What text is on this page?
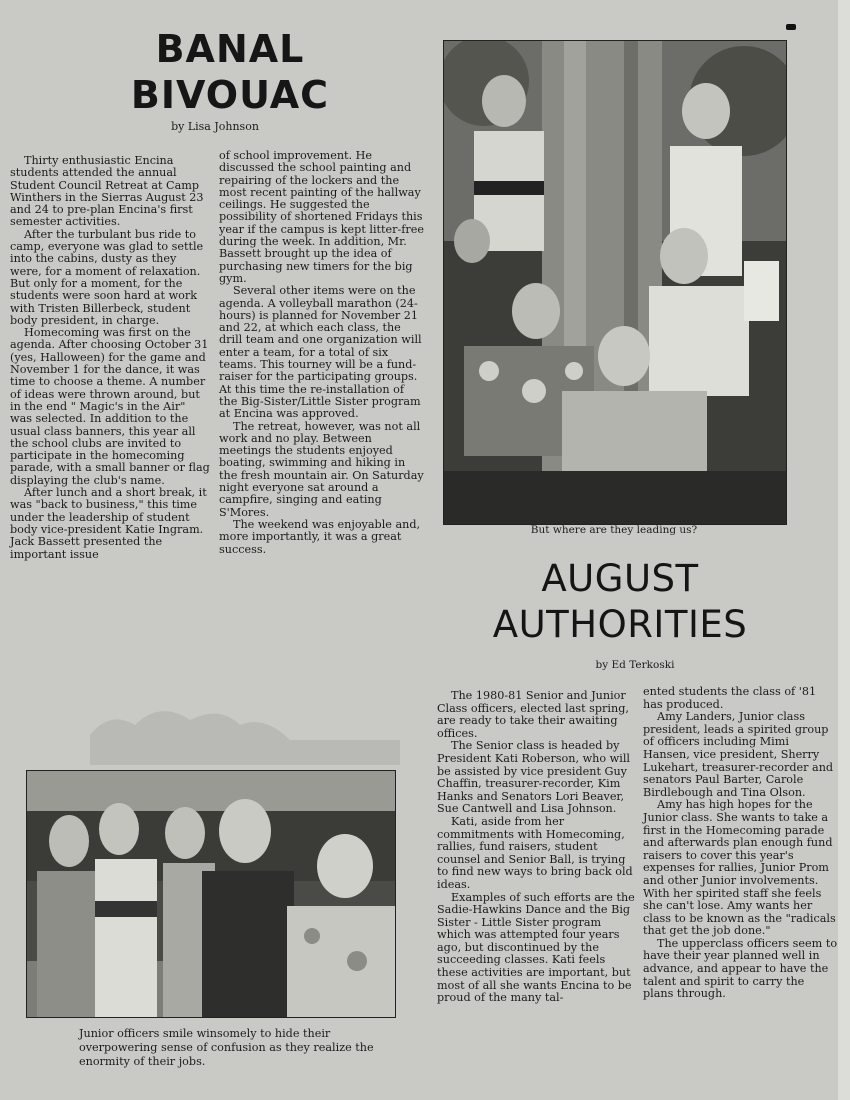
BANAL
BIVOUAC
by Lisa Johnson

Thirty enthusiastic Encina students attended the annual Student Council Retreat at Camp Winthers in the Sierras August 23 and 24 to pre-plan Encina's first semester activities.

After the turbulant bus ride to camp, everyone was glad to settle into the cabins, dusty as they were, for a moment of relaxation. But only for a moment, for the students were soon hard at work with Tristen Billerbeck, student body president, in charge.

Homecoming was first on the agenda. After choosing October 31 (yes, Halloween) for the game and November 1 for the dance, it was time to choose a theme. A number of ideas were thrown around, but in the end " Magic's in the Air" was selected. In addition to the usual class banners, this year all the school clubs are invited to participate in the homecoming parade, with a small banner or flag displaying the club's name.

After lunch and a short break, it was "back to business," this time under the leadership of student body vice-president Katie Ingram. Jack Bassett presented the important issue

of school improvement. He discussed the school painting and repairing of the lockers and the most recent painting of the hallway ceilings. He suggested the possibility of shortened Fridays this year if the campus is kept litter-free during the week. In addition, Mr. Bassett brought up the idea of purchasing new timers for the big gym.

Several other items were on the agenda. A volleyball marathon (24-hours) is planned for November 21 and 22, at which each class, the drill team and one organization will enter a team, for a total of six teams. This tourney will be a fund-raiser for the participating groups. At this time the re-installation of the Big-Sister/Little Sister program at Encina was approved.

The retreat, however, was not all work and no play. Between meetings the students enjoyed boating, swimming and hiking in the fresh mountain air. On Saturday night everyone sat around a campfire, singing and eating S'Mores.

The weekend was enjoyable and, more importantly, it was a great success.

But where are they leading us?
AUGUST
AUTHORITIES
by Ed Terkoski

The 1980-81 Senior and Junior Class officers, elected last spring, are ready to take their awaiting offices.

The Senior class is headed by President Kati Roberson, who will be assisted by vice president Guy Chaffin, treasurer-recorder, Kim Hanks and Senators Lori Beaver, Sue Cantwell and Lisa Johnson.

Kati, aside from her commitments with Homecoming, rallies, fund raisers, student counsel and Senior Ball, is trying to find new ways to bring back old ideas.

Examples of such efforts are the Sadie-Hawkins Dance and the Big Sister - Little Sister program which was attempted four years ago, but discontinued by the succeeding classes. Kati feels these activities are important, but most of all she wants Encina to be proud of the many tal-

ented students the class of '81 has produced.

Amy Landers, Junior class president, leads a spirited group of officers including Mimi Hansen, vice president, Sherry Lukehart, treasurer-recorder and senators Paul Barter, Carole Birdlebough and Tina Olson.

Amy has high hopes for the Junior class. She wants to take a first in the Homecoming parade and afterwards plan enough fund raisers to cover this year's expenses for rallies, Junior Prom and other Junior involvements. With her spirited staff she feels she can't lose. Amy wants her class to be known as the "radicals that get the job done."

The upperclass officers seem to have their year planned well in advance, and appear to have the talent and spirit to carry the plans through.

Junior officers smile winsomely to hide their overpowering sense of confusion as they realize the enormity of their jobs.
